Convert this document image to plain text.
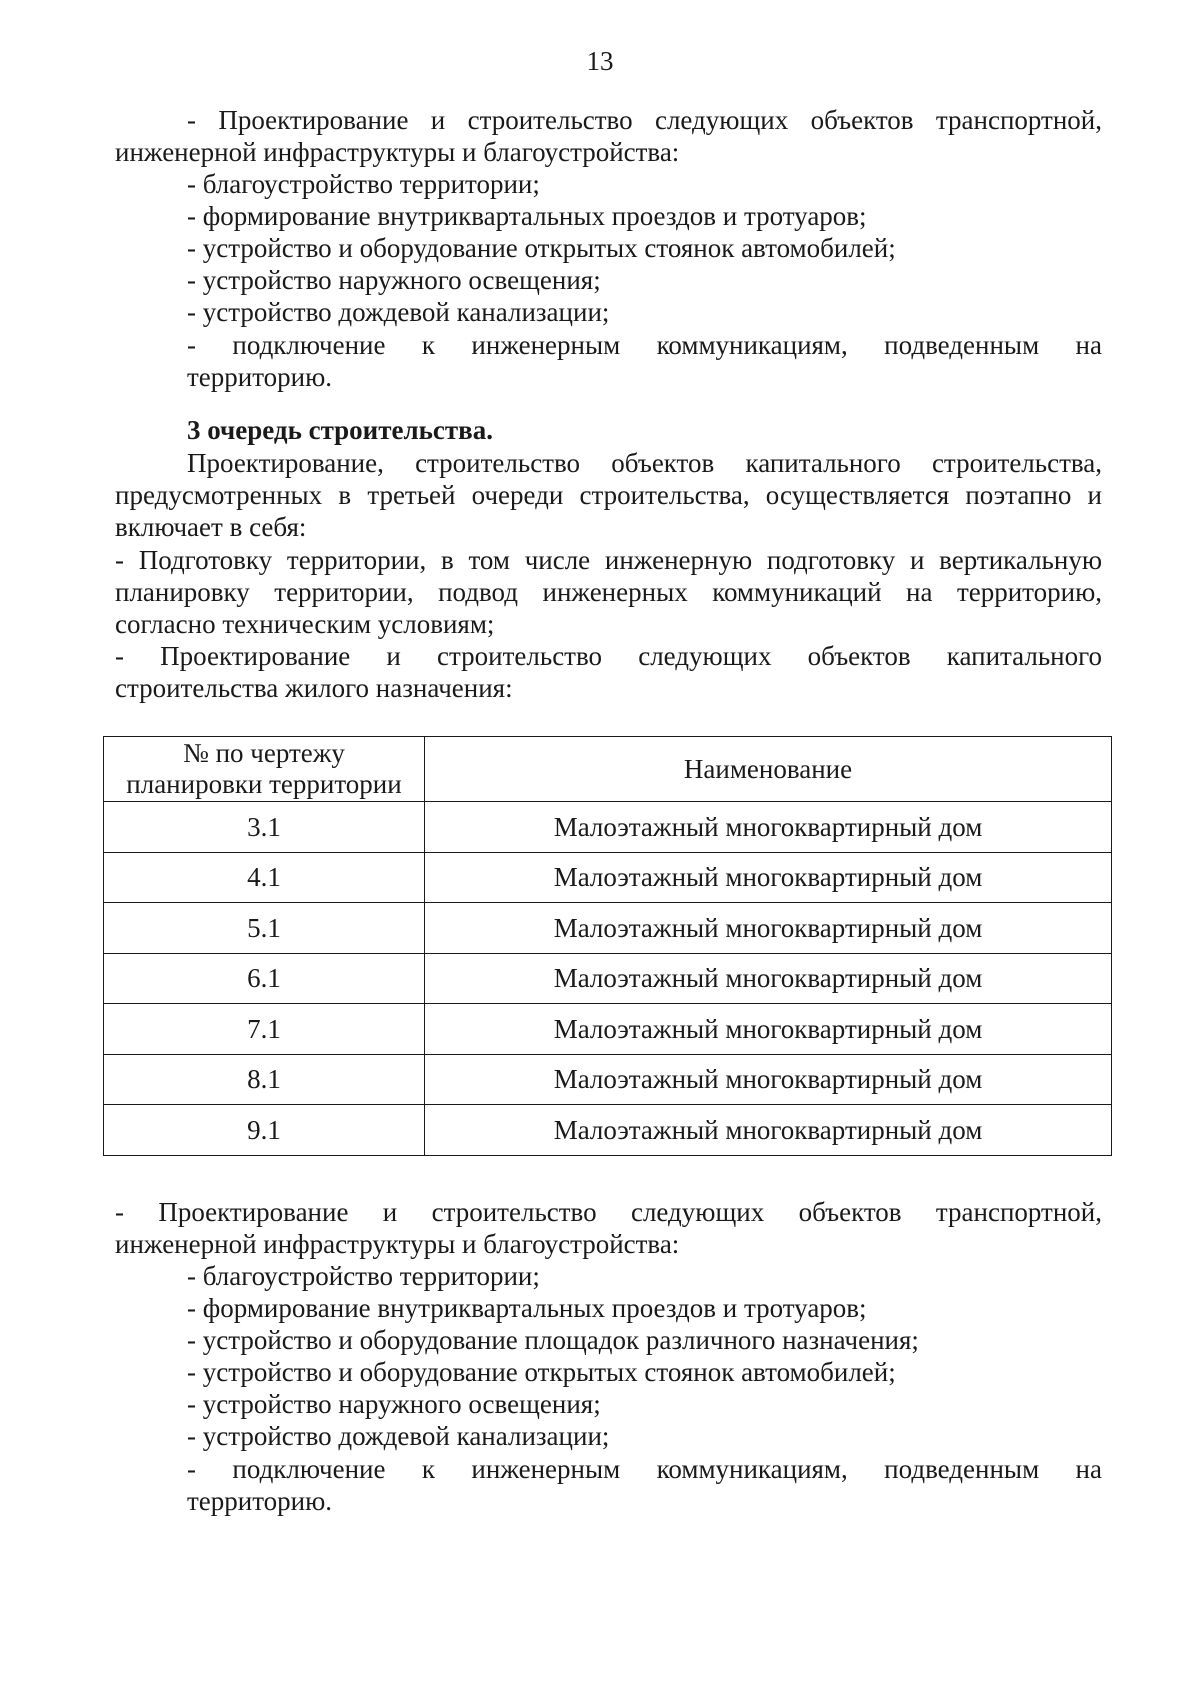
13
- Проектирование и строительство следующих объектов транспортной,
инженерной инфраструктуры и благоустройства:
- благоустройство территории;
- формирование внутриквартальных проездов и тротуаров;
- устройство и оборудование открытых стоянок автомобилей;
- устройство наружного освещения;
- устройство дождевой канализации;
- подключение к инженерным коммуникациям, подведенным на
территорию.
3 очередь строительства.
Проектирование, строительство объектов капитального строительства,
предусмотренных в третьей очереди строительства, осуществляется поэтапно и
включает в себя:
- Подготовку территории, в том числе инженерную подготовку и вертикальную
планировку территории, подвод инженерных коммуникаций на территорию,
согласно техническим условиям;
- Проектирование и строительство следующих объектов капитального
строительства жилого назначения:
№ по чертежу
планировки территории	Наименование
3.1	Малоэтажный многоквартирный дом
4.1	Малоэтажный многоквартирный дом
5.1	Малоэтажный многоквартирный дом
6.1	Малоэтажный многоквартирный дом
7.1	Малоэтажный многоквартирный дом
8.1	Малоэтажный многоквартирный дом
9.1	Малоэтажный многоквартирный дом
- Проектирование и строительство следующих объектов транспортной,
инженерной инфраструктуры и благоустройства:
- благоустройство территории;
- формирование внутриквартальных проездов и тротуаров;
- устройство и оборудование площадок различного назначения;
- устройство и оборудование открытых стоянок автомобилей;
- устройство наружного освещения;
- устройство дождевой канализации;
- подключение к инженерным коммуникациям, подведенным на
территорию.
